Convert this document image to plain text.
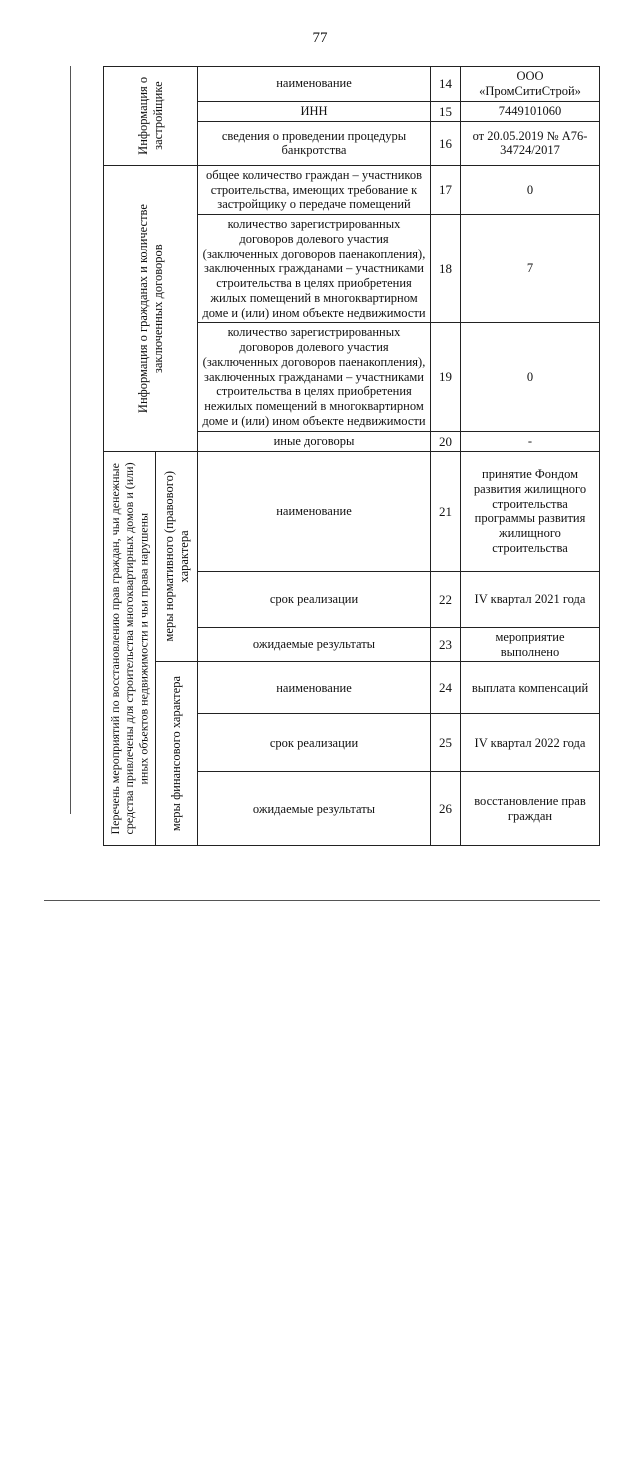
77
Информация о застройщике		наименование	14	ООО «ПромСитиСтрой»
		ИНН	15	7449101060
		сведения о проведении процедуры банкротства	16	от 20.05.2019 № А76-34724/2017

Информация о гражданах и количестве заключенных договоров		общее количество граждан – участников строительства, имеющих требование к застройщику о передаче помещений	17	0
		количество зарегистрированных договоров долевого участия (заключенных договоров паенакопления), заключенных гражданами – участниками строительства в целях приобретения жилых помещений в многоквартирном доме и (или) ином объекте недвижимости	18	7
		количество зарегистрированных договоров долевого участия (заключенных договоров паенакопления), заключенных гражданами – участниками строительства в целях приобретения нежилых помещений в многоквартирном доме и (или) ином объекте недвижимости	19	0
		иные договоры	20	-

Перечень мероприятий по восстановлению прав граждан, чьи денежные средства привлечены для строительства многоквартирных домов и (или) иных объектов недвижимости и чьи права нарушены	меры нормативного (правового) характера	наименование	21	принятие Фондом развития жилищного строительства программы развития жилищного строительства
		срок реализации	22	IV квартал 2021 года
		ожидаемые результаты	23	мероприятие выполнено

	меры финансового характера	наименование	24	выплата компенсаций
		срок реализации	25	IV квартал 2022 года
		ожидаемые результаты	26	восстановление прав граждан
